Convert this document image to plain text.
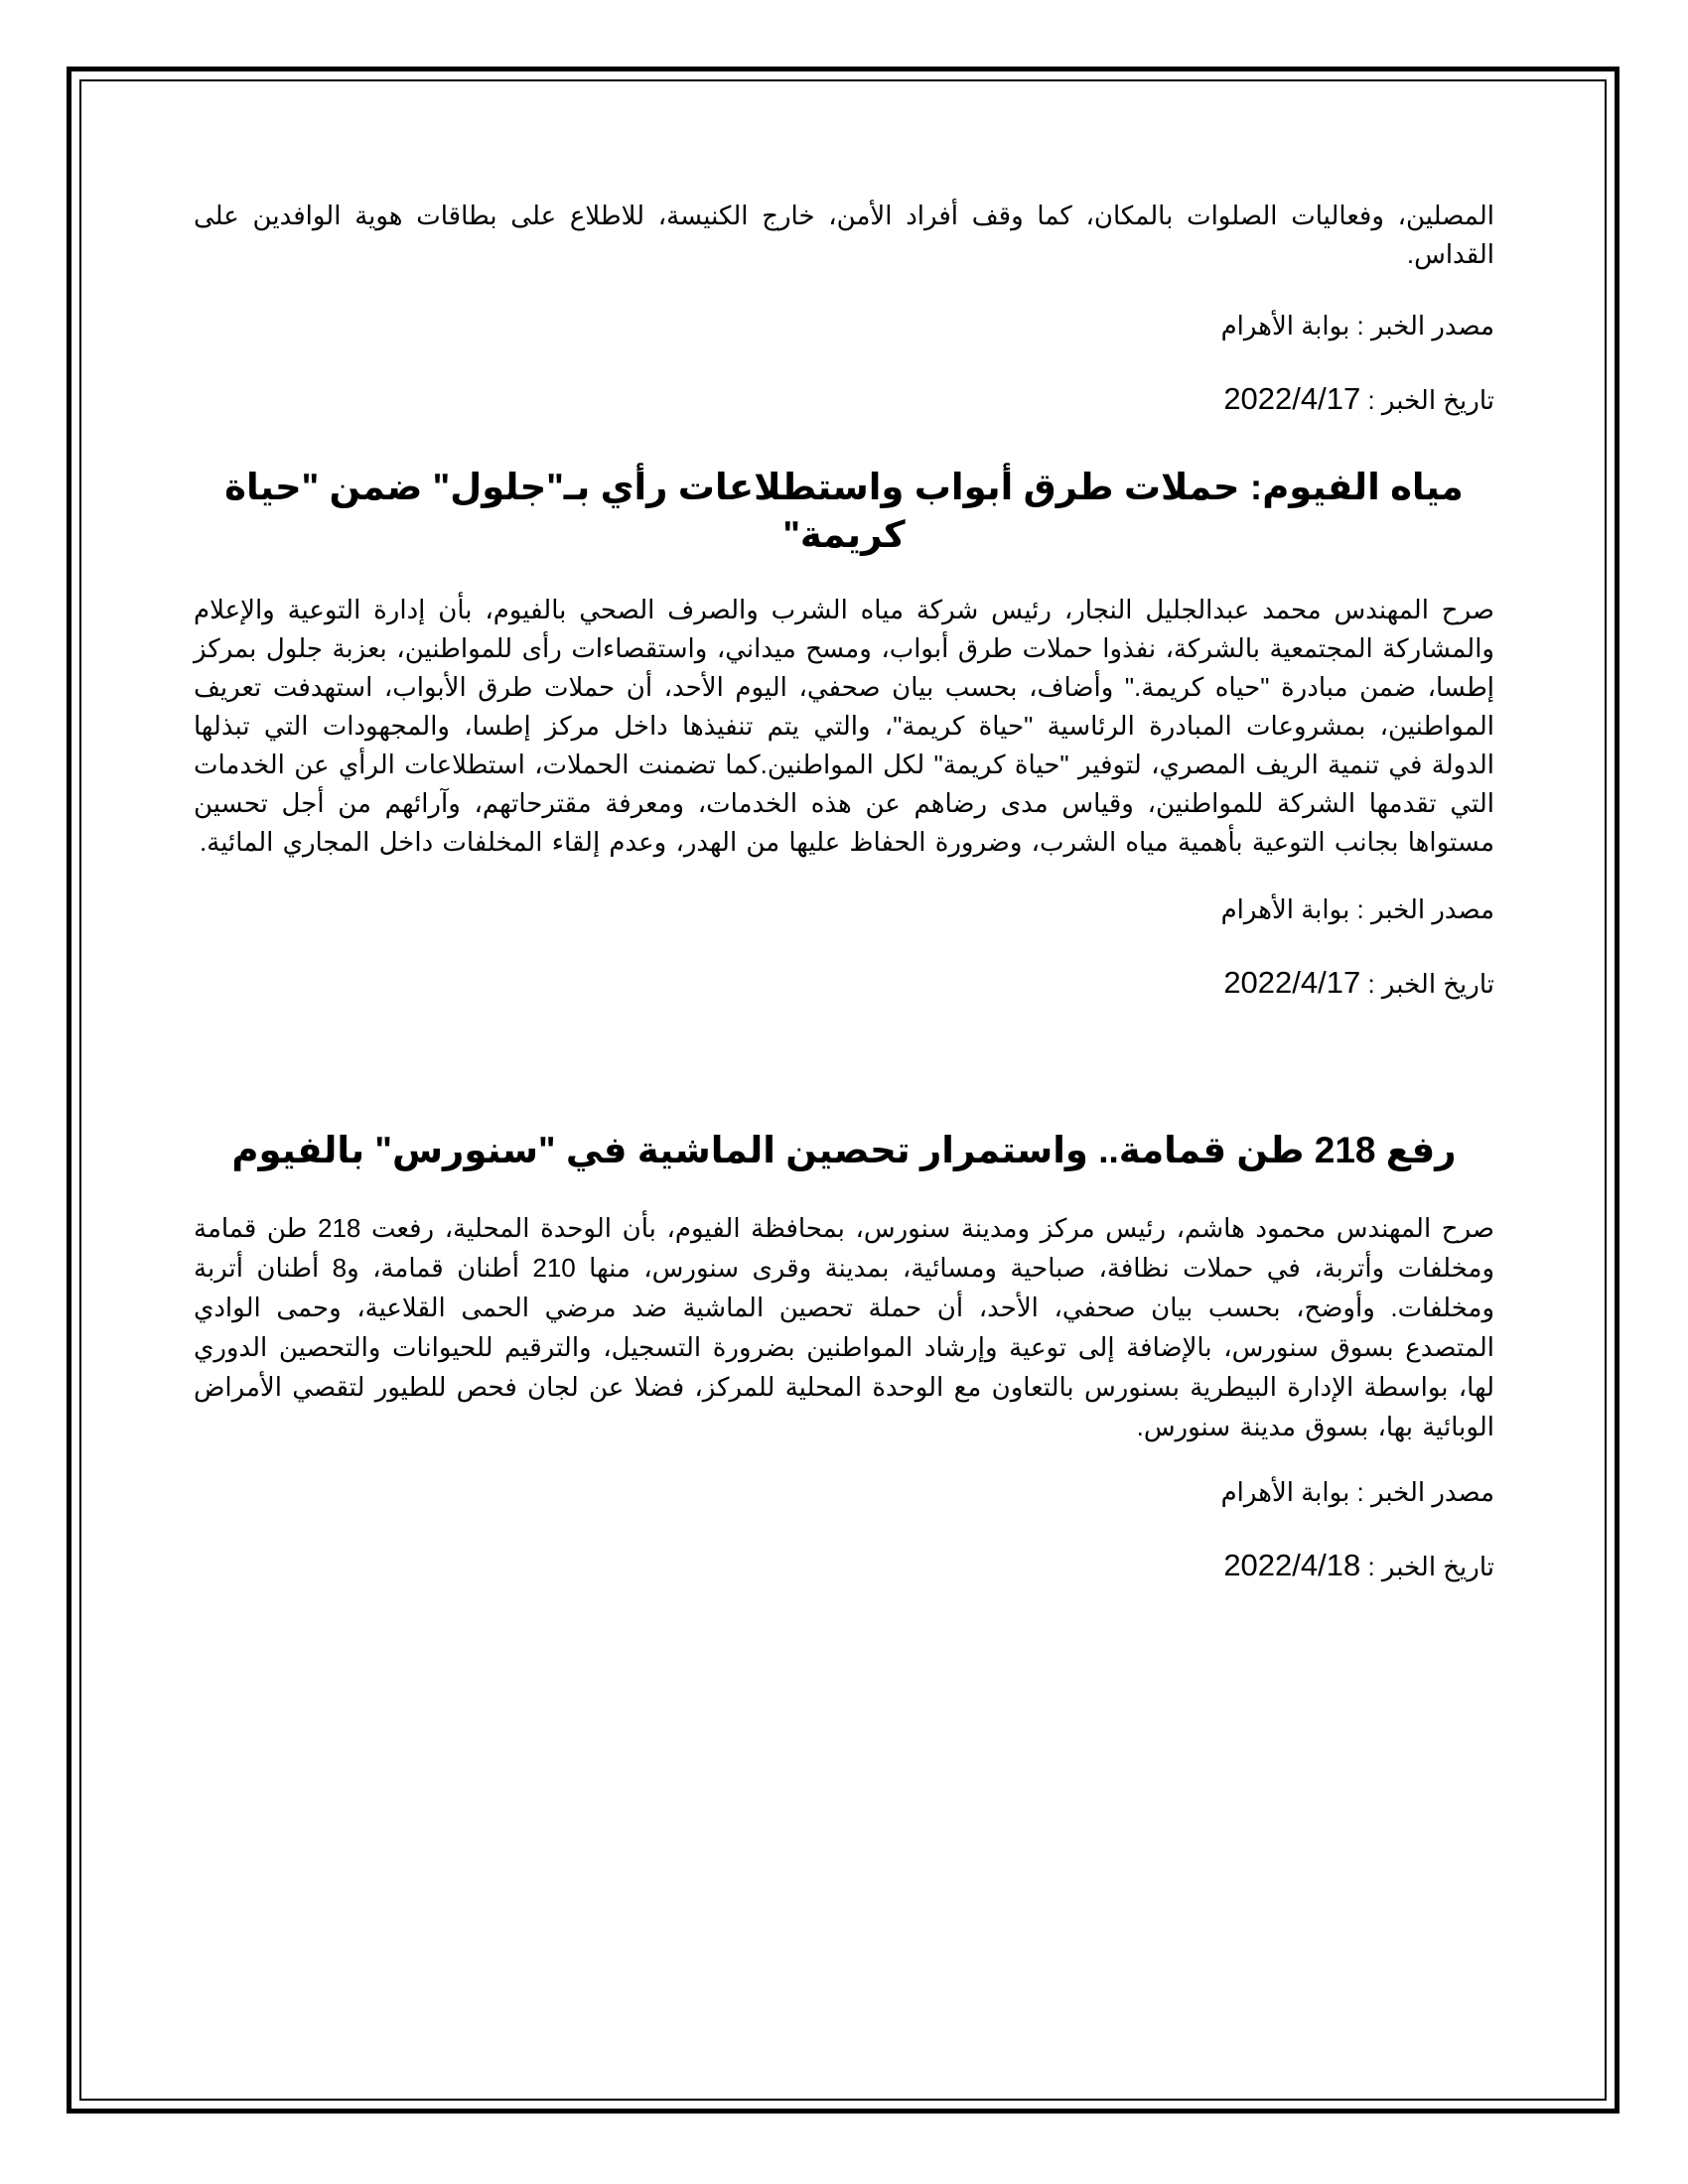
المصلين، وفعاليات الصلوات بالمكان، كما وقف أفراد الأمن، خارج الكنيسة، للاطلاع على بطاقات هوية الوافدين على القداس.

مصدر الخبر : بوابة الأهرام

تاريخ الخبر : 2022/4/17

مياه الفيوم: حملات طرق أبواب واستطلاعات رأي بـ"جلول" ضمن "حياة كريمة"

صرح المهندس محمد عبدالجليل النجار، رئيس شركة مياه الشرب والصرف الصحي بالفيوم، بأن إدارة التوعية والإعلام والمشاركة المجتمعية بالشركة، نفذوا حملات طرق أبواب، ومسح ميداني، واستقصاءات رأى للمواطنين، بعزبة جلول بمركز إطسا، ضمن مبادرة "حياه كريمة." وأضاف، بحسب بيان صحفي، اليوم الأحد، أن حملات طرق الأبواب، استهدفت تعريف المواطنين، بمشروعات المبادرة الرئاسية "حياة كريمة"، والتي يتم تنفيذها داخل مركز إطسا، والمجهودات التي تبذلها الدولة في تنمية الريف المصري، لتوفير "حياة كريمة" لكل المواطنين.كما تضمنت الحملات، استطلاعات الرأي عن الخدمات التي تقدمها الشركة للمواطنين، وقياس مدى رضاهم عن هذه الخدمات، ومعرفة مقترحاتهم، وآرائهم من أجل تحسين مستواها بجانب التوعية بأهمية مياه الشرب، وضرورة الحفاظ عليها من الهدر، وعدم إلقاء المخلفات داخل المجاري المائية.

مصدر الخبر : بوابة الأهرام

تاريخ الخبر : 2022/4/17

رفع 218 طن قمامة.. واستمرار تحصين الماشية في "سنورس" بالفيوم

صرح المهندس محمود هاشم، رئيس مركز ومدينة سنورس، بمحافظة الفيوم، بأن الوحدة المحلية، رفعت 218 طن قمامة ومخلفات وأتربة، في حملات نظافة، صباحية ومسائية، بمدينة وقرى سنورس، منها 210 أطنان قمامة، و8 أطنان أتربة ومخلفات. وأوضح، بحسب بيان صحفي، الأحد، أن حملة تحصين الماشية ضد مرضي الحمى القلاعية، وحمى الوادي المتصدع بسوق سنورس، بالإضافة إلى توعية وإرشاد المواطنين بضرورة التسجيل، والترقيم للحيوانات والتحصين الدوري لها، بواسطة الإدارة البيطرية بسنورس بالتعاون مع الوحدة المحلية للمركز، فضلا عن لجان فحص للطيور لتقصي الأمراض الوبائية بها، بسوق مدينة سنورس.

مصدر الخبر : بوابة الأهرام

تاريخ الخبر : 2022/4/18
